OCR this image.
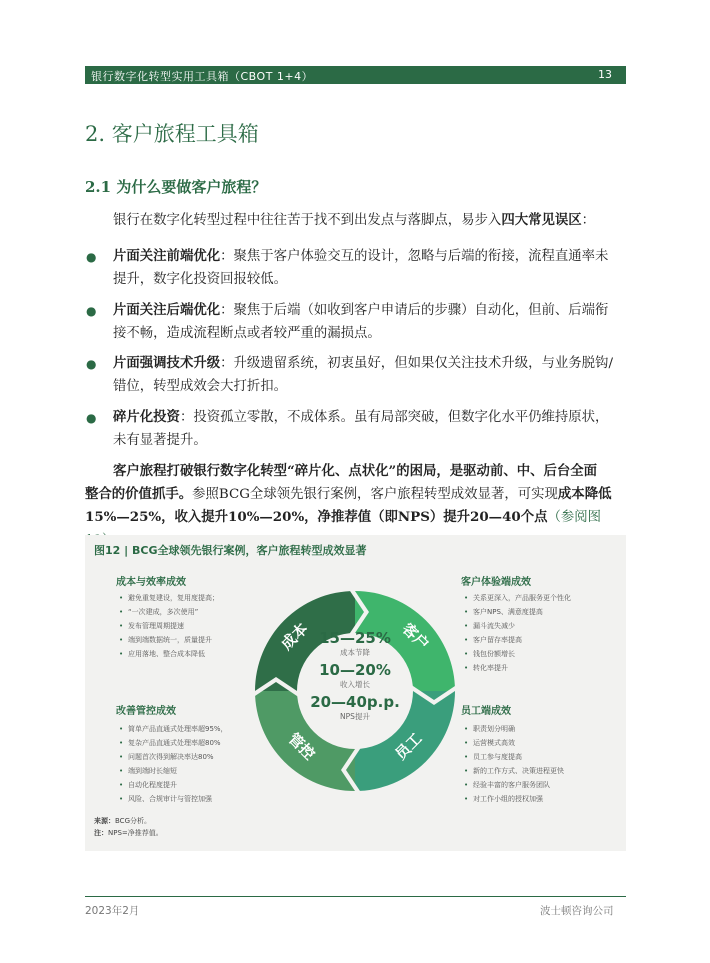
银行数字化转型实用工具箱（CBOT 1+4）	13
2. 客户旅程工具箱
2.1 为什么要做客户旅程？
银行在数字化转型过程中往往苦于找不到出发点与落脚点，易步入四大常见误区：
● 片面关注前端优化：聚焦于客户体验交互的设计，忽略与后端的衔接，流程直通率未
提升，数字化投资回报较低。
● 片面关注后端优化：聚焦于后端（如收到客户申请后的步骤）自动化，但前、后端衔
接不畅，造成流程断点或者较严重的漏损点。
● 片面强调技术升级：升级遗留系统，初衷虽好，但如果仅关注技术升级，与业务脱钩/
错位，转型成效会大打折扣。
● 碎片化投资：投资孤立零散，不成体系。虽有局部突破，但数字化水平仍维持原状，
未有显著提升。
客户旅程打破银行数字化转型“碎片化、点状化”的困局，是驱动前、中、后台全面
整合的价值抓手。参照BCG全球领先银行案例，客户旅程转型成效显著，可实现成本降低
15%—25%，收入提升10%—20%，净推荐值（即NPS）提升20—40个点（参阅图
图12 | BCG全球领先银行案例，客户旅程转型成效显著
成本与效率成效
• 避免重复建设，复用度提高；
• “一次建成，多次使用”
• 发布管理周期提速
• 端到端数据统一，质量提升
• 应用落地、整合成本降低
客户体验端成效
• 关系更深入，产品服务更个性化
• 客户NPS、满意度提高
• 漏斗流失减少
• 客户留存率提高
• 钱包份额增长
• 转化率提升
改善管控成效
• 简单产品直通式处理率超95%，
• 复杂产品直通式处理率超80%
• 问题首次得到解决率达80%
• 端到端时长缩短
• 自动化程度提升
• 风险、合规审计与管控加强
员工端成效
• 职责划分明确
• 运营模式高效
• 员工参与度提高
• 新的工作方式、决策进程更快
• 经验丰富的客户服务团队
• 对工作小组的授权加强
成本	客户
员工
管控
15—25%
成本节降
10—20%
收入增长
20—40p.p.
NPS提升
来源：BCG分析。
注：NPS=净推荐值。
2023年2月	波士顿咨询公司
